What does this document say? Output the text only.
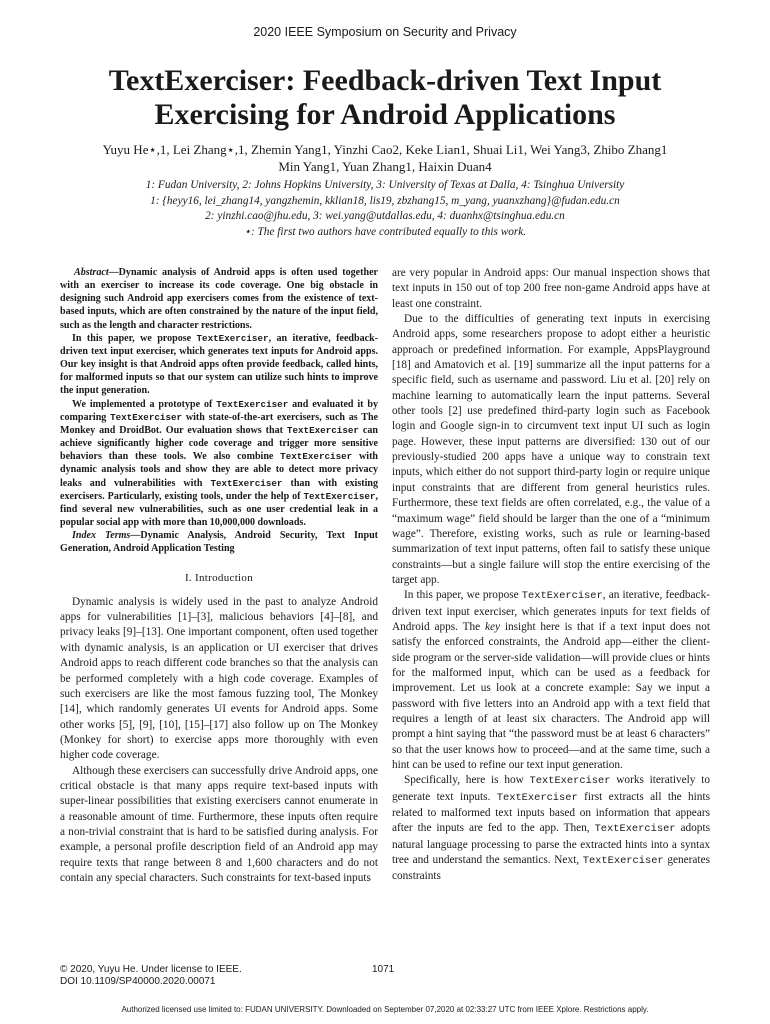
2020 IEEE Symposium on Security and Privacy
TextExerciser: Feedback-driven Text Input
Exercising for Android Applications
Yuyu He⋆,1, Lei Zhang⋆,1, Zhemin Yang1, Yinzhi Cao2, Keke Lian1, Shuai Li1, Wei Yang3, Zhibo Zhang1
Min Yang1, Yuan Zhang1, Haixin Duan4
1: Fudan University, 2: Johns Hopkins University, 3: University of Texas at Dalla, 4: Tsinghua University
1: {heyy16, lei_zhang14, yangzhemin, kklian18, lis19, zbzhang15, m_yang, yuanxzhang}@fudan.edu.cn
2: yinzhi.cao@jhu.edu, 3: wei.yang@utdallas.edu, 4: duanhx@tsinghua.edu.cn
⋆: The first two authors have contributed equally to this work.

Abstract—Dynamic analysis of Android apps is often used together with an exerciser to increase its code coverage. One big obstacle in designing such Android app exercisers comes from the existence of text-based inputs, which are often constrained by the nature of the input field, such as the length and character restrictions.

In this paper, we propose TextExerciser, an iterative, feedback-driven text input exerciser, which generates text inputs for Android apps. Our key insight is that Android apps often provide feedback, called hints, for malformed inputs so that our system can utilize such hints to improve the input generation.

We implemented a prototype of TextExerciser and evaluated it by comparing TextExerciser with state-of-the-art exercisers, such as The Monkey and DroidBot. Our evaluation shows that TextExerciser can achieve significantly higher code coverage and trigger more sensitive behaviors than these tools. We also combine TextExerciser with dynamic analysis tools and show they are able to detect more privacy leaks and vulnerabilities with TextExerciser than with existing exercisers. Particularly, existing tools, under the help of TextExerciser, find several new vulnerabilities, such as one user credential leak in a popular social app with more than 10,000,000 downloads.

Index Terms—Dynamic Analysis, Android Security, Text Input Generation, Android Application Testing

I. Introduction

Dynamic analysis is widely used in the past to analyze Android apps for vulnerabilities [1]–[3], malicious behaviors [4]–[8], and privacy leaks [9]–[13]. One important component, often used together with dynamic analysis, is an application or UI exerciser that drives Android apps to reach different code branches so that the analysis can be performed completely with a high code coverage. Examples of such exercisers are like the most famous fuzzing tool, The Monkey [14], which randomly generates UI events for Android apps. Some other works [5], [9], [10], [15]–[17] also follow up on The Monkey (Monkey for short) to exercise apps more thoroughly with even higher code coverage.

Although these exercisers can successfully drive Android apps, one critical obstacle is that many apps require text-based inputs with super-linear possibilities that existing exercisers cannot enumerate in a reasonable amount of time. Furthermore, these inputs often require a non-trivial constraint that is hard to be satisfied during analysis. For example, a personal profile description field of an Android app may require texts that range between 8 and 1,600 characters and do not contain any special characters. Such constraints for text-based inputs

are very popular in Android apps: Our manual inspection shows that text inputs in 150 out of top 200 free non-game Android apps have at least one constraint.

Due to the difficulties of generating text inputs in exercising Android apps, some researchers propose to adopt either a heuristic approach or predefined information. For example, AppsPlayground [18] and Amatovich et al. [19] summarize all the input patterns for a specific field, such as username and password. Liu et al. [20] rely on machine learning to automatically learn the input patterns. Several other tools [2] use predefined third-party login such as Facebook login and Google sign-in to circumvent text input UI such as login page. However, these input patterns are diversified: 130 out of our previously-studied 200 apps have a unique way to constrain text inputs, which either do not support third-party login or require unique input constraints that are different from general heuristics rules. Furthermore, these text fields are often correlated, e.g., the value of a “maximum wage” field should be larger than the one of a “minimum wage”. Therefore, existing works, such as rule or learning-based summarization of text input patterns, often fail to satisfy these unique constraints—but a single failure will stop the entire exercising of the target app.

In this paper, we propose TextExerciser, an iterative, feedback-driven text input exerciser, which generates inputs for text fields of Android apps. The key insight here is that if a text input does not satisfy the enforced constraints, the Android app—either the client-side program or the server-side validation—will provide clues or hints for the malformed input, which can be used as a feedback for improvement. Let us look at a concrete example: Say we input a password with five letters into an Android app with a text field that requires a length of at least six characters. The Android app will prompt a hint saying that “the password must be at least 6 characters” so that the user knows how to proceed—and at the same time, such a hint can be used to refine our text input generation.

Specifically, here is how TextExerciser works iteratively to generate text inputs. TextExerciser first extracts all the hints related to malformed text inputs based on information that appears after the inputs are fed to the app. Then, TextExerciser adopts natural language processing to parse the extracted hints into a syntax tree and understand the semantics. Next, TextExerciser generates constraints

© 2020, Yuyu He. Under license to IEEE.
DOI 10.1109/SP40000.2020.00071
1071
Authorized licensed use limited to: FUDAN UNIVERSITY. Downloaded on September 07,2020 at 02:33:27 UTC from IEEE Xplore. Restrictions apply.
